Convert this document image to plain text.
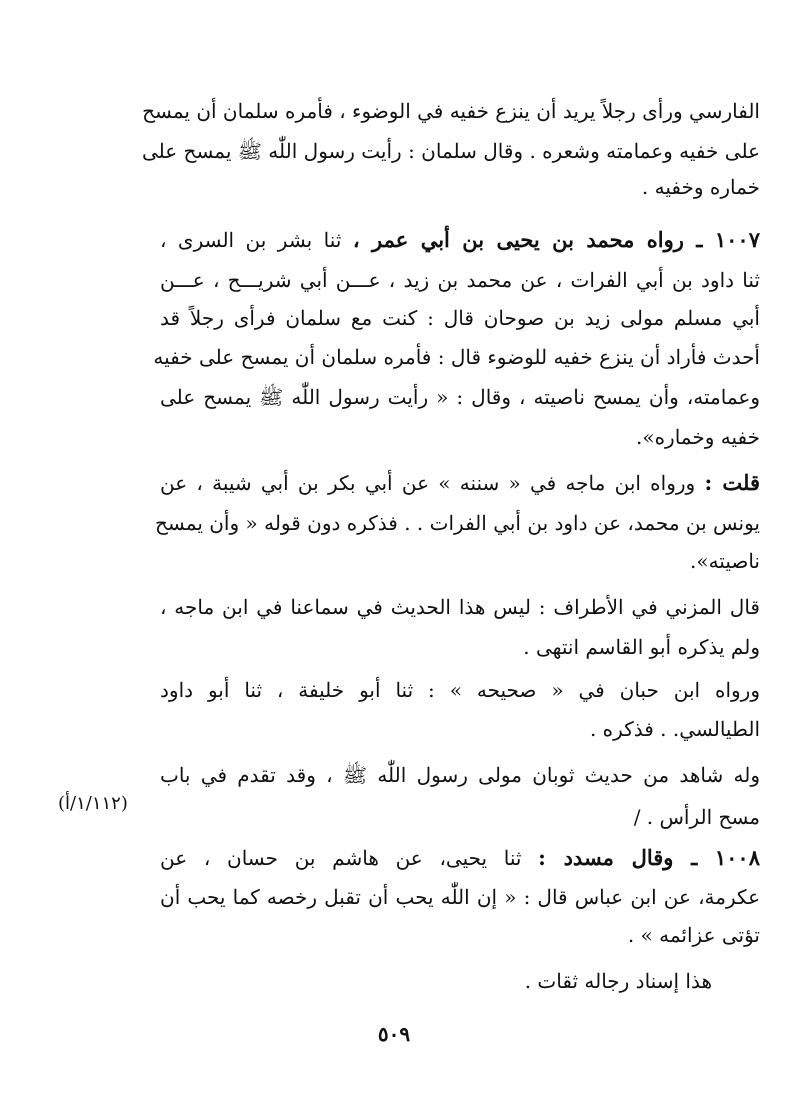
الفارسي ورأى رجلاً يريد أن ينزع خفيه في الوضوء ، فأمره سلمان أن يمسح
على خفيه وعمامته وشعره . وقال سلمان : رأيت رسول اللّٰه ﷺ يمسح على
خماره وخفيه .
١٠٠٧ ـ رواه محمد بن يحيى بن أبي عمر ، ثنا بشر بن السرى ،
ثنا داود بن أبي الفرات ، عن محمد بن زيد ، عـــن أبي شريـــح ، عـــن
أبي مسلم مولى زيد بن صوحان قال : كنت مع سلمان فرأى رجلاً قد
أحدث فأراد أن ينزع خفيه للوضوء قال : فأمره سلمان أن يمسح على خفيه
وعمامته، وأن يمسح ناصيته ، وقال : « رأيت رسول اللّٰه ﷺ يمسح على
خفيه وخماره».
قلت : ورواه ابن ماجه في « سننه » عن أبي بكر بن أبي شيبة ، عن
يونس بن محمد، عن داود بن أبي الفرات . . فذكره دون قوله « وأن يمسح
ناصيته».
قال المزني في الأطراف : ليس هذا الحديث في سماعنا في ابن ماجه ،
ولم يذكره أبو القاسم انتهى .
ورواه ابن حبان في « صحيحه » : ثنا أبو خليفة ، ثنا أبو داود
الطيالسي. . فذكره .
وله شاهد من حديث ثوبان مولى رسول اللّٰه ﷺ ، وقد تقدم في باب
مسح الرأس . /
(١/١١٢/أ)
١٠٠٨ ـ وقال مسدد : ثنا يحيى، عن هاشم بن حسان ، عن
عكرمة، عن ابن عباس قال : « إن اللّٰه يحب أن تقبل رخصه كما يحب أن
تؤتى عزائمه » .
هذا إسناد رجاله ثقات .
٥٠٩
